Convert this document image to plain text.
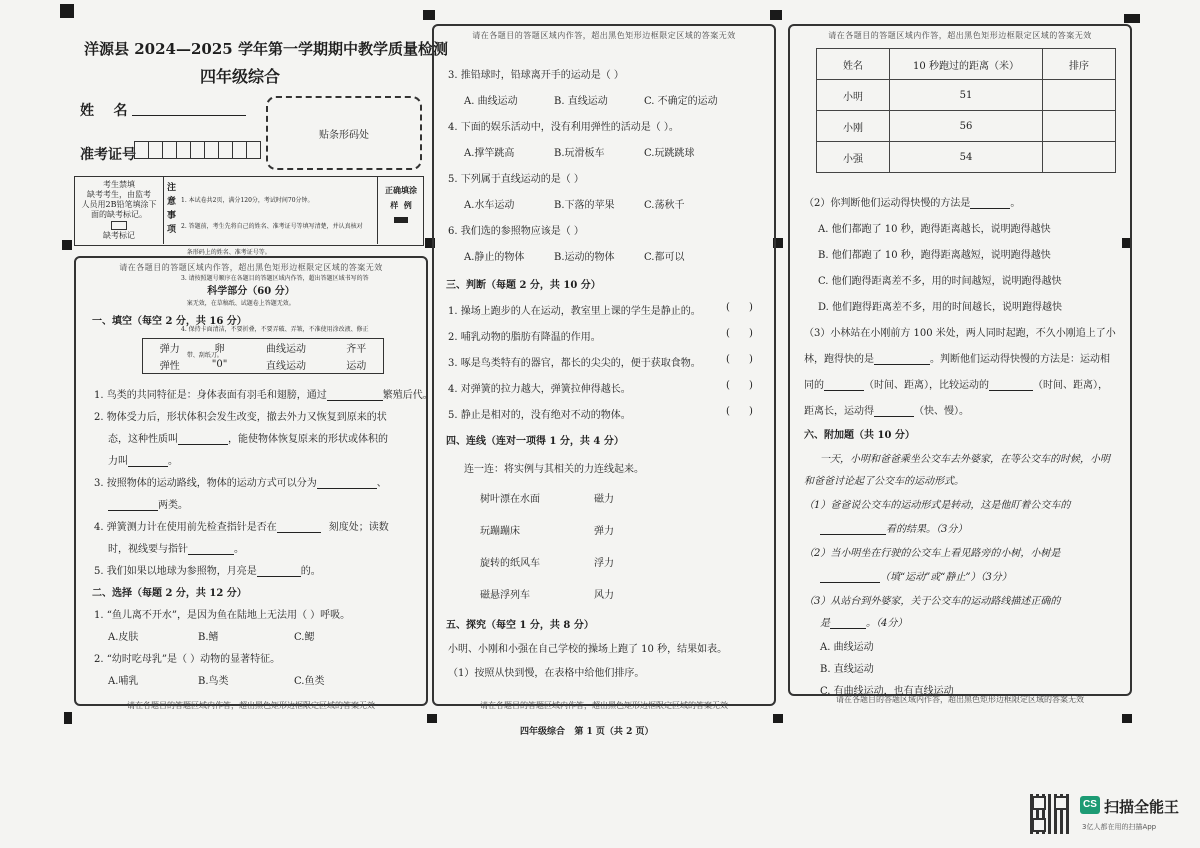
洋源县 2024—2025 学年第一学期期中教学质量检测
四年级综合
姓    名
准考证号
贴条形码处
考生禁填
缺考考生，由监考
人员用2B铅笔填涂下
面的缺考标记。
缺考标记
注意事项

1. 本试卷共2页，满分120分，考试时间70分钟。

2. 答题前，考生先将自己的姓名、准考证号等填写清楚，并认真核对

条形码上的姓名、准考证号等。

3. 请按照题号顺序在各题目的答题区域内作答，超出答题区域书写的答

案无效，在草稿纸、试题卷上答题无效。

4. 保持卡面清洁，不要折叠，不要弄破、弄皱，不准使用涂改液、修正

带、刮纸刀。

正确填涂
样  例
请在各题目的答题区域内作答，超出黑色矩形边框限定区域的答案无效
科学部分（60 分）
一、填空（每空 2 分，共 16 分）
弹力	卵	曲线运动	齐平
弹性	"0"	直线运动	运动
1. 鸟类的共同特征是：身体表面有羽毛和翅膀，通过	繁殖后代。
2. 物体受力后，形状体积会发生改变，撤去外力又恢复到原来的状
态，这种性质叫	，能使物体恢复原来的形状或体积的
力叫	。
3. 按照物体的运动路线，物体的运动方式可以分为	、
两类。
4. 弹簧测力计在使用前先检查指针是否在	刻度处；读数
时，视线要与指针	。
5. 我们如果以地球为参照物，月亮是	的。
二、选择（每题 2 分，共 12 分）
1. “鱼儿离不开水”，是因为鱼在陆地上无法用（ ）呼吸。
A.皮肤	B.鳍	C.鳃
2. “幼时吃母乳”是（ ）动物的显著特征。
A.哺乳	B.鸟类	C.鱼类
请在各题目的答题区域内作答，超出黑色矩形边框限定区域的答案无效
请在各题目的答题区域内作答，超出黑色矩形边框限定区域的答案无效
3. 推铅球时，铅球离开手的运动是（ ）
A. 曲线运动	B. 直线运动	C. 不确定的运动
4. 下面的娱乐活动中，没有利用弹性的活动是（ ）。
A.撑竿跳高	B.玩滑板车	C.玩跳跳球
5. 下列属于直线运动的是（ ）
A.水车运动	B.下落的苹果	C.荡秋千
6. 我们选的参照物应该是（ ）
A.静止的物体	B.运动的物体	C.都可以
三、判断（每题 2 分，共 10 分）
1. 操场上跑步的人在运动，教室里上课的学生是静止的。	(      )
2. 哺乳动物的脂肪有降温的作用。	(      )
3. 啄是鸟类特有的器官，都长的尖尖的，便于获取食物。	(      )
4. 对弹簧的拉力越大，弹簧拉伸得越长。	(      )
5. 静止是相对的，没有绝对不动的物体。	(      )
四、连线（连对一项得 1 分，共 4 分）
连一连：将实例与其相关的力连线起来。
树叶漂在水面	磁力
玩蹦蹦床	弹力
旋转的纸风车	浮力
磁悬浮列车	风力
五、探究（每空 1 分，共 8 分）
小明、小刚和小强在自己学校的操场上跑了 10 秒，结果如表。
（1）按照从快到慢，在表格中给他们排序。
请在各题目的答题区域内作答，超出黑色矩形边框限定区域的答案无效
请在各题目的答题区域内作答，超出黑色矩形边框限定区域的答案无效
姓名	10 秒跑过的距离（米）	排序
小明	51	
小刚	56	
小强	54	
（2）你判断他们运动得快慢的方法是	。
A. 他们都跑了 10 秒，跑得距离越长，说明跑得越快
B. 他们都跑了 10 秒，跑得距离越短，说明跑得越快
C. 他们跑得距离差不多，用的时间越短，说明跑得越快
D. 他们跑得距离差不多，用的时间越长，说明跑得越快
（3）小林站在小刚前方 100 米处，两人同时起跑，不久小刚追上了小
林，跑得快的是	。判断他们运动得快慢的方法是：运动相
同的	（时间、距离），比较运动的	（时间、距离），
距离长，运动得	（快、慢）。
六、附加题（共 10 分）
一天，小明和爸爸乘坐公交车去外婆家，在等公交车的时候，小明
和爸爸讨论起了公交车的运动形式。
（1）爸爸说公交车的运动形式是转动，这是他盯着公交车的
看的结果。（3分）
（2）当小明坐在行驶的公交车上看见路旁的小树，小树是
（填“运动”或“静止”）（3分）
（3）从站台到外婆家，关于公交车的运动路线描述正确的
是	。（4分）
A. 曲线运动
B. 直线运动
C. 有曲线运动，也有直线运动
请在各题目的答题区域内作答，超出黑色矩形边框限定区域的答案无效
四年级综合   第 1 页（共 2 页）
CS 扫描全能王
3亿人都在用的扫描App
